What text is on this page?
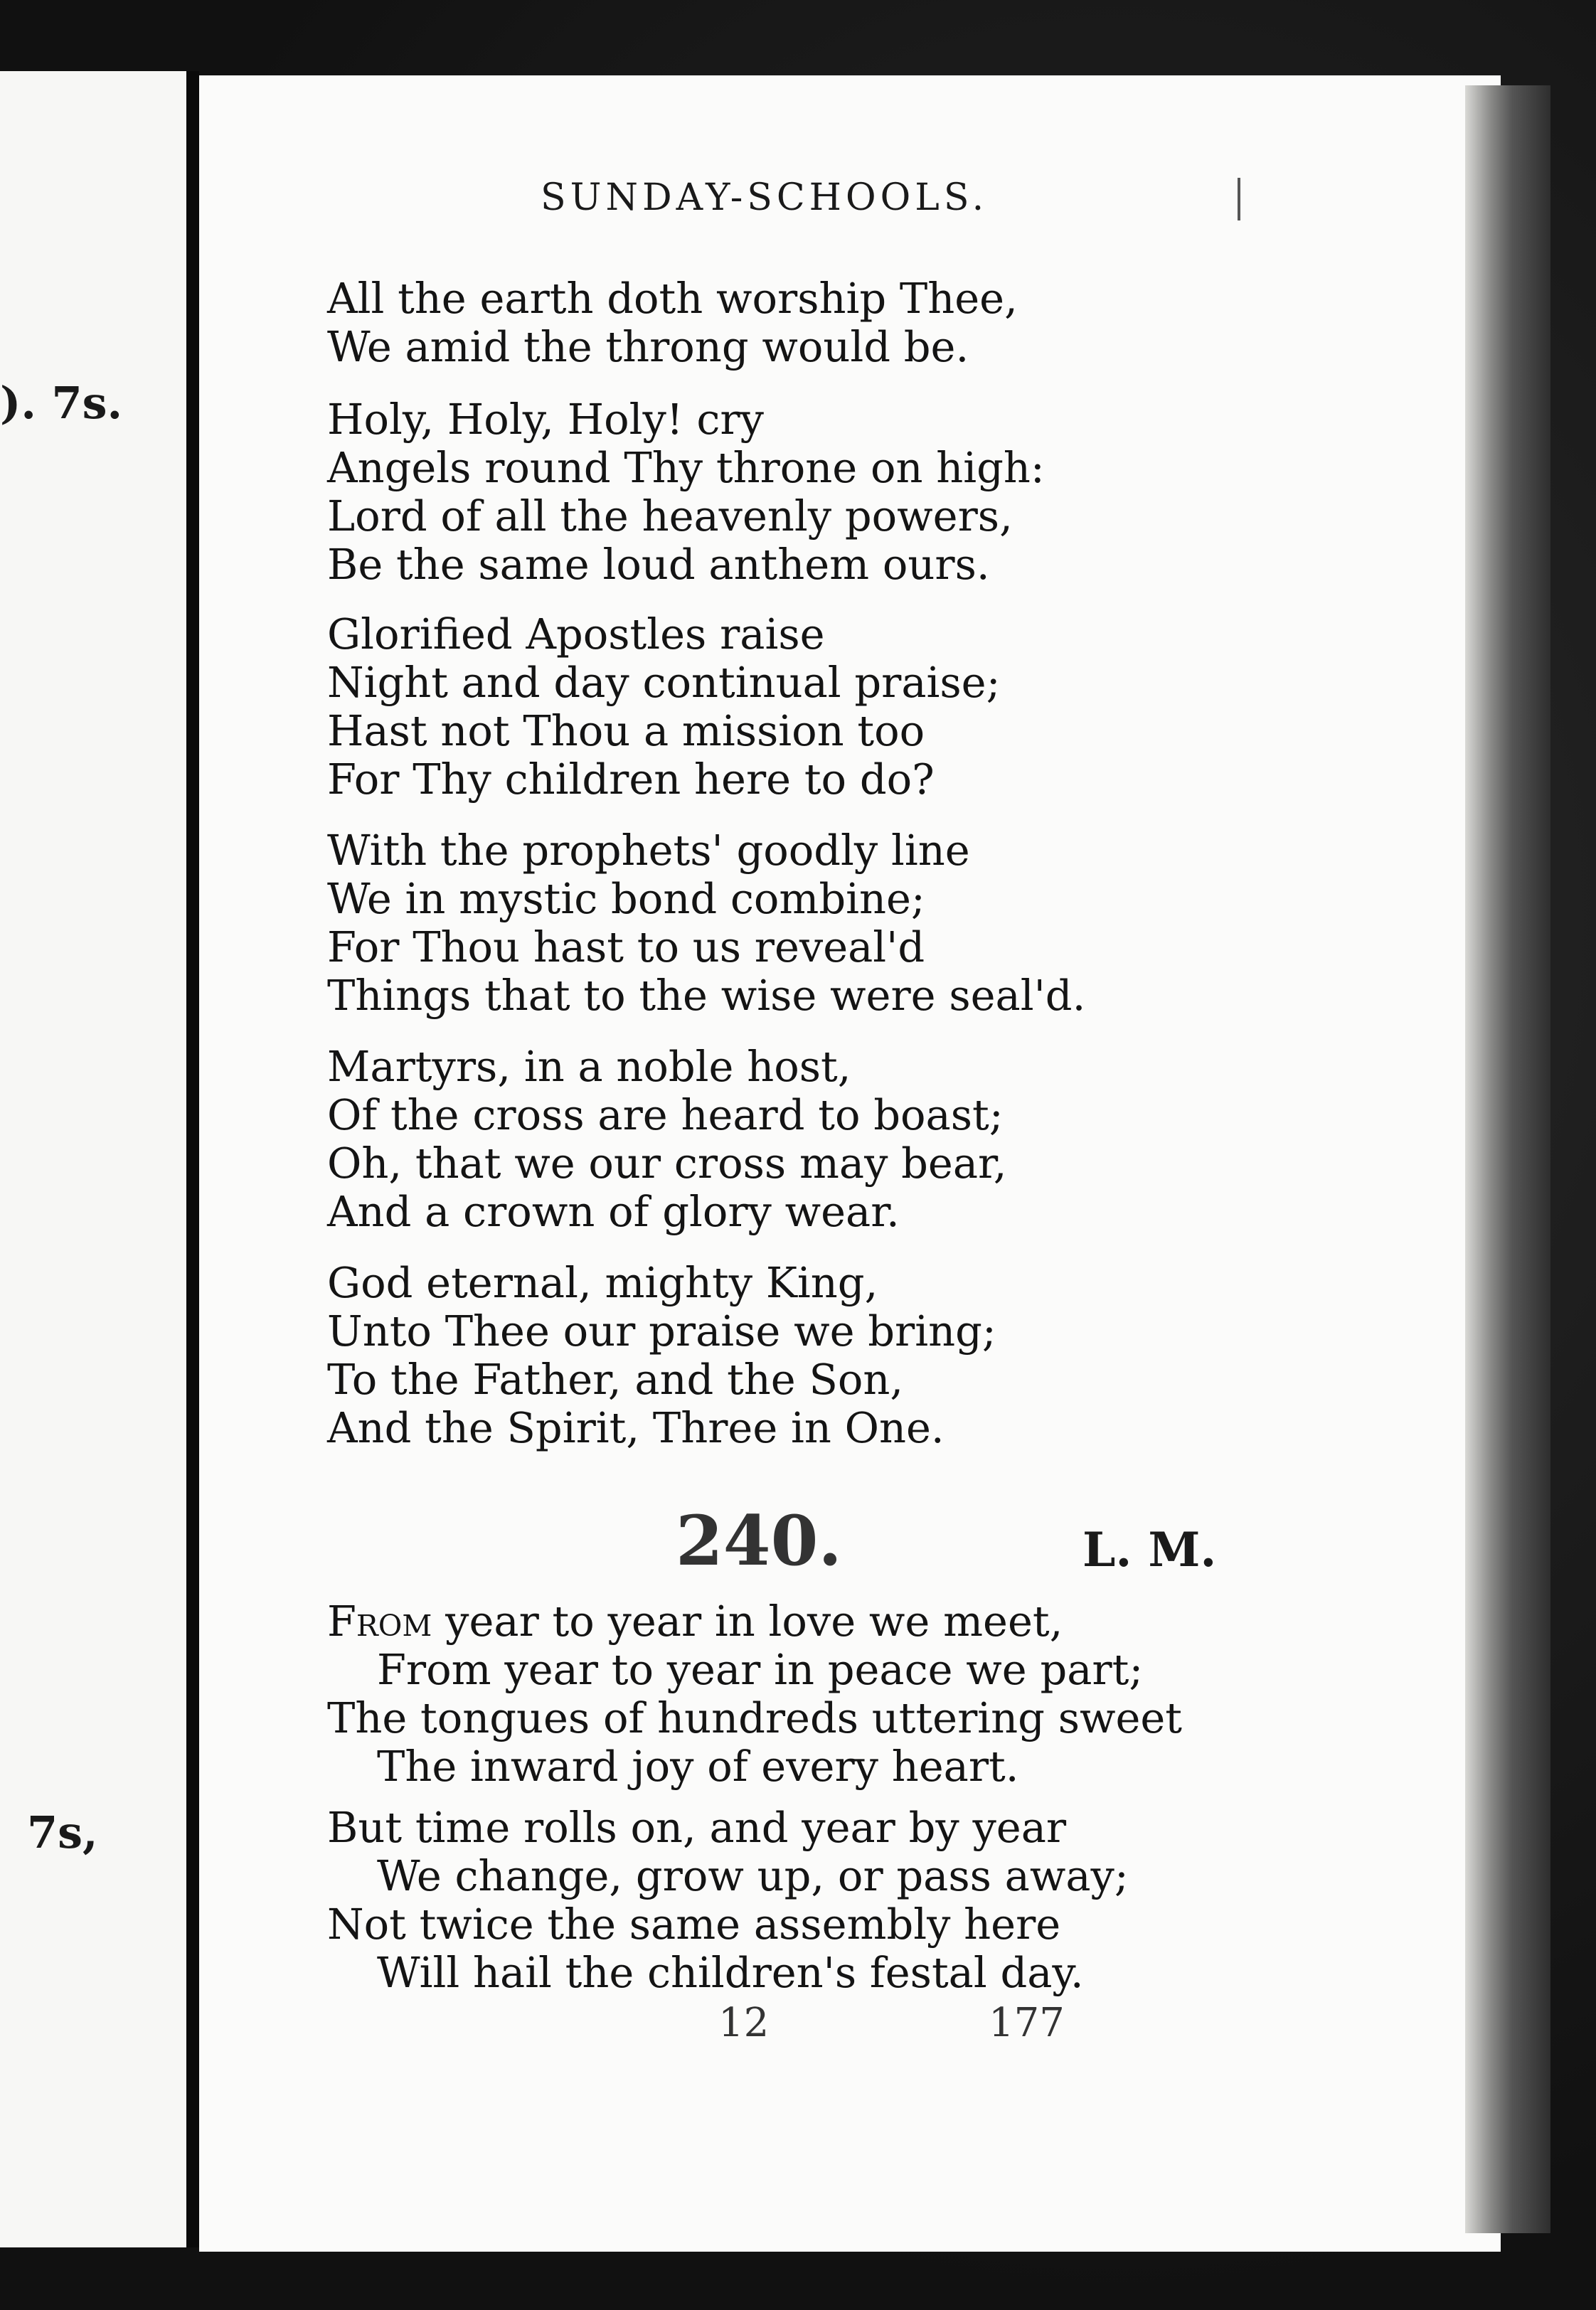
). 7s.
7s,
SUNDAY-SCHOOLS.
All the earth doth worship Thee,
We amid the throng would be.
Holy, Holy, Holy! cry
Angels round Thy throne on high:
Lord of all the heavenly powers,
Be the same loud anthem ours.
Glorified Apostles raise
Night and day continual praise;
Hast not Thou a mission too
For Thy children here to do?
With the prophets' goodly line
We in mystic bond combine;
For Thou hast to us reveal'd
Things that to the wise were seal'd.
Martyrs, in a noble host,
Of the cross are heard to boast;
Oh, that we our cross may bear,
And a crown of glory wear.
God eternal, mighty King,
Unto Thee our praise we bring;
To the Father, and the Son,
And the Spirit, Three in One.
240.	L. M.
From year to year in love we meet,
From year to year in peace we part;
The tongues of hundreds uttering sweet
The inward joy of every heart.
But time rolls on, and year by year
We change, grow up, or pass away;
Not twice the same assembly here
Will hail the children's festal day.
12	177
